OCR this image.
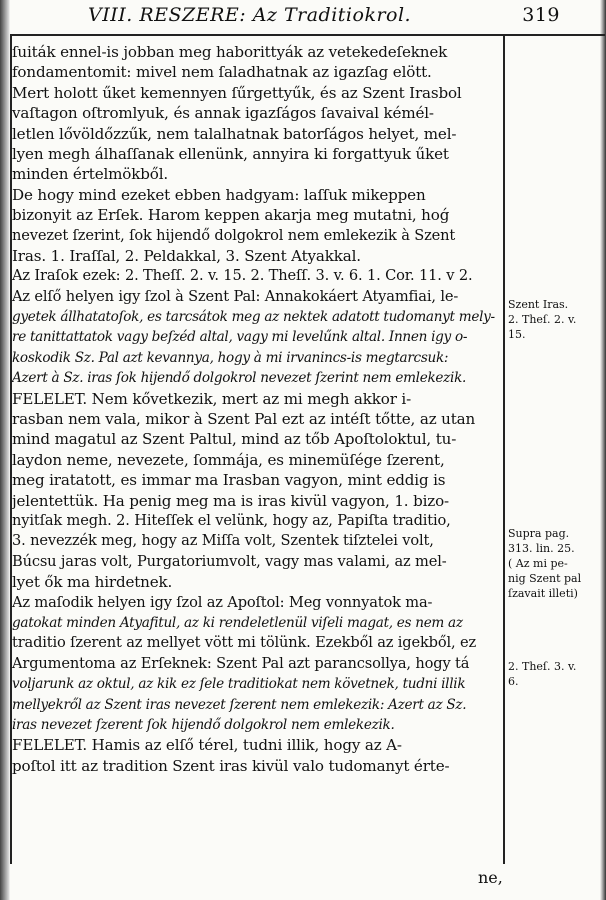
VIII. RESZERE: Az Traditiokrol.	319
ſuiták ennel-is jobban meg haborittyák az vetekedeſeknek
fondamentomit: mivel nem ſaladhatnak az igazſag elött.
Mert holott űket kemennyen ſűrgettyűk, és az Szent Irasbol
vaſtagon oſtromlyuk, és annak igazſágos ſavaival kémél-
letlen lővöldőzzűk, nem talalhatnak batorſágos helyet, mel-
lyen megh álhaſſanak ellenünk, annyira ki forgattyuk űket
minden értelmökből.
De hogy mind ezeket ebben hadgyam: laſſuk mikeppen
bizonyit az Erſek. Harom keppen akarja meg mutatni, hoǵ
nevezet ſzerint, ſok hijendő dolgokrol nem emlekezik à Szent
Iras. 1. Iraſſal, 2. Peldakkal, 3. Szent Atyakkal.
Az Iraſok ezek: 2. Theſſ. 2. v. 15. 2. Theſſ. 3. v. 6. 1. Cor. 11. v 2.
Az elſő helyen igy ſzol à Szent Pal: Annakokáert Atyamfiai, le-
gyetek állhatatoſok, es tarcsátok meg az nektek adatott tudomanyt mely-
re tanittattatok vagy beſzéd altal, vagy mi levelűnk altal. Innen igy o-
koskodik Sz. Pal azt kevannya, hogy à mi irvanincs-is megtarcsuk:
Azert à Sz. iras ſok hijendő dolgokrol nevezet ſzerint nem emlekezik.
FELELET. Nem kővetkezik, mert az mi megh akkor i-
rasban nem vala, mikor à Szent Pal ezt az intéſt tőtte, az utan
mind magatul az Szent Paltul, mind az tőb Apoſtoloktul, tu-
laydon neme, nevezete, ſommája, es minemüſége ſzerent,
meg iratatott, es immar ma Irasban vagyon, mint eddig is
jelentettük. Ha penig meg ma is iras kivül vagyon, 1. bizo-
nyitſak megh. 2. Hiteſſek el velünk, hogy az, Papiſta traditio,
3. nevezzék meg, hogy az Miſſa volt, Szentek tiſztelei volt,
Búcsu jaras volt, Purgatoriumvolt, vagy mas valami, az mel-
lyet ők ma hirdetnek.
Az maſodik helyen igy ſzol az Apoſtol: Meg vonnyatok ma-
gatokat minden Atyafitul, az ki rendeletlenül viſeli magat, es nem az
traditio ſzerent az mellyet vött mi tölünk. Ezekből az igekből, ez
Argumentoma az Erſeknek: Szent Pal azt parancsollya, hogy tá
voljarunk az oktul, az kik ez ſele traditiokat nem követnek, tudni illik
mellyekről az Szent iras nevezet ſzerent nem emlekezik: Azert az Sz.
iras nevezet ſzerent ſok hijendő dolgokrol nem emlekezik.
FELELET. Hamis az elſő térel, tudni illik, hogy az A-
poſtol itt az tradition Szent iras kivül valo tudomanyt érte-
Szent Iras.
2. Theſ. 2. v.
15.
Supra pag.
313. lin. 25.
( Az mi pe-
nig Szent pal
ſzavait illeti)
2. Theſ. 3. v.
6.
ne,
